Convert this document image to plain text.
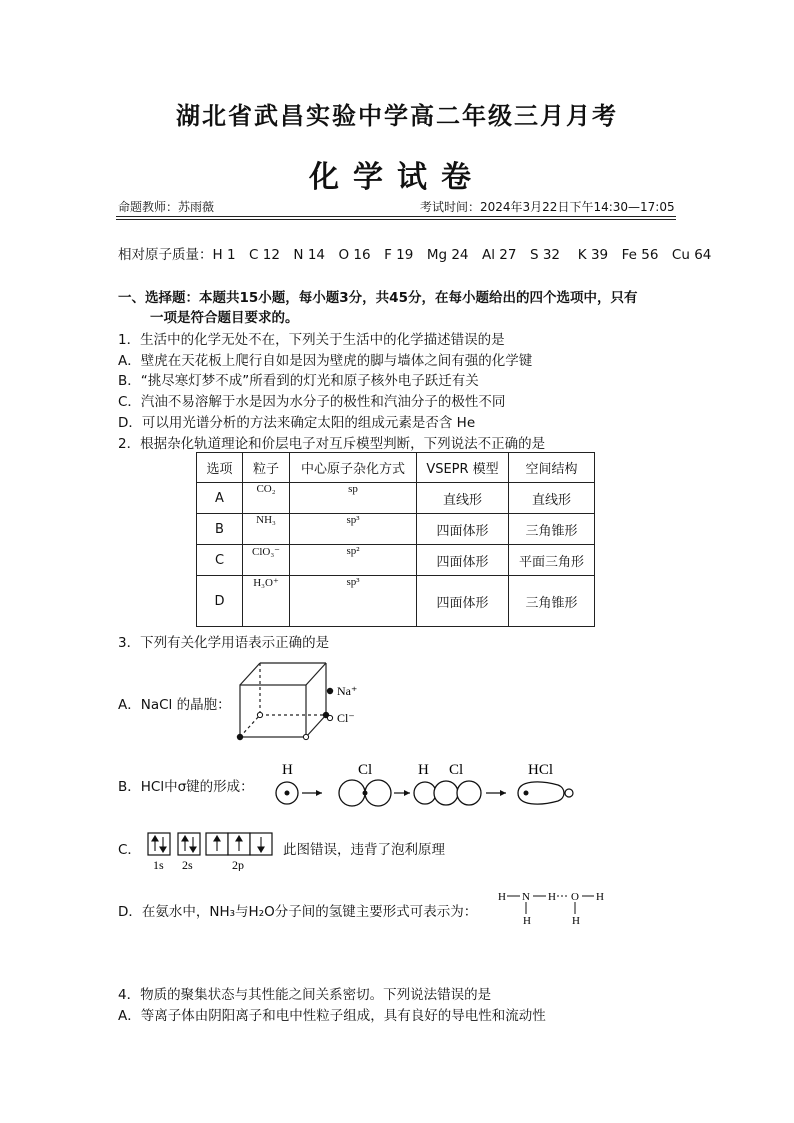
湖北省武昌实验中学高二年级三月月考
化学试卷
命题教师：苏雨薇	考试时间：2024年3月22日下午14:30—17:05
相对原子质量：H 1　C 12　N 14　O 16　F 19　Mg 24　Al 27　S 32　 K 39　Fe 56　Cu 64
一、选择题：本题共15小题，每小题3分，共45分，在每小题给出的四个选项中，只有
一项是符合题目要求的。
1．生活中的化学无处不在，下列关于生活中的化学描述错误的是
A．壁虎在天花板上爬行自如是因为壁虎的脚与墙体之间有强的化学键
B．“挑尽寒灯梦不成”所看到的灯光和原子核外电子跃迁有关
C．汽油不易溶解于水是因为水分子的极性和汽油分子的极性不同
D．可以用光谱分析的方法来确定太阳的组成元素是否含 He
2．根据杂化轨道理论和价层电子对互斥模型判断，下列说法不正确的是
选项	粒子	中心原子杂化方式	VSEPR 模型	空间结构
A	CO₂	sp	直线形	直线形
B	NH₃	sp³	四面体形	三角锥形
C	ClO₃⁻	sp²	四面体形	平面三角形
D	H₃O⁺	sp³	四面体形	三角锥形
3．下列有关化学用语表示正确的是
A．NaCl 的晶胞：
Na⁺
Cl⁻
B．HCl中σ键的形成：
H	Cl	H Cl	HCl
C．
1s 2s	2p
此图错误，违背了泡利原理
D．在氨水中，NH₃与H₂O分子间的氢键主要形式可表示为：
H N H O H
H	H
4．物质的聚集状态与其性能之间关系密切。下列说法错误的是
A．等离子体由阴阳离子和电中性粒子组成，具有良好的导电性和流动性
